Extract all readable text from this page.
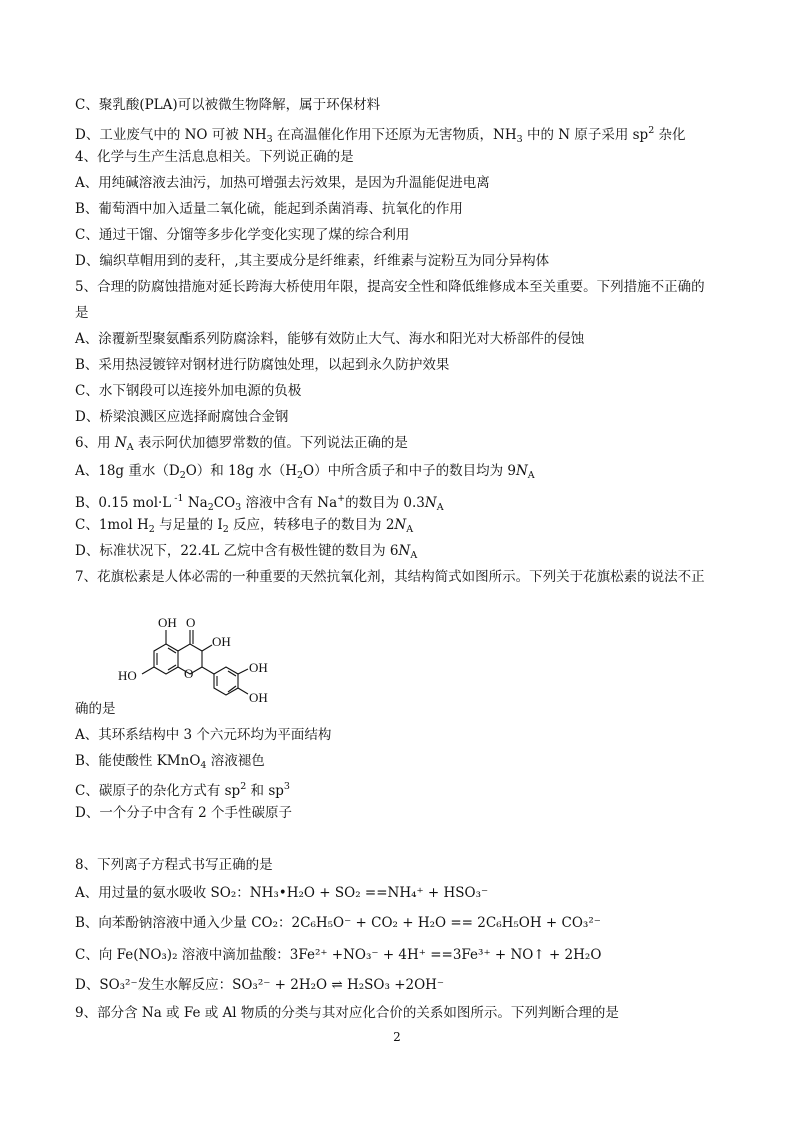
C、聚乳酸(PLA)可以被微生物降解，属于环保材料
D、工业废气中的 NO 可被 $NH_3$ 在高温催化作用下还原为无害物质，$NH_3$ 中的 N 原子采用 $sp^2$ 杂化
4、化学与生产生活息息相关。下列说正确的是
A、用纯碱溶液去油污，加热可增强去污效果，是因为升温能促进电离
B、葡萄酒中加入适量二氧化硫，能起到杀菌消毒、抗氧化的作用
C、通过干馏、分馏等多步化学变化实现了煤的综合利用
D、编织草帽用到的麦秆，,其主要成分是纤维素，纤维素与淀粉互为同分异构体
5、合理的防腐蚀措施对延长跨海大桥使用年限，提高安全性和降低维修成本至关重要。下列措施不正确的
是
A、涂覆新型聚氨酯系列防腐涂料，能够有效防止大气、海水和阳光对大桥部件的侵蚀
B、采用热浸镀锌对钢材进行防腐蚀处理，以起到永久防护效果
C、水下钢段可以连接外加电源的负极
D、桥梁浪溅区应选择耐腐蚀合金钢
6、用 $N_A$ 表示阿伏加德罗常数的值。下列说法正确的是
A、18g 重水$(D_2O)$和 18g 水$(H_2O)$中所含质子和中子的数目均为 $9N_A$
B、0.15 mol·L $^{-1}$ $Na_2CO_3$ 溶液中含有 Na+的数目为 $0.3N_A$
C、1mol $H_2$ 与足量的 $I_2$ 反应，转移电子的数目为 $2N_A$
D、标准状况下，22.4L 乙烷中含有极性键的数目为 $6N_A$
7、花旗松素是人体必需的一种重要的天然抗氧化剂，其结构简式如图所示。下列关于花旗松素的说法不正
OH O
OH
OH
HO
OH
O
确的是
A、其环系结构中 3 个六元环均为平面结构
B、能使酸性 KMnO$_4$ 溶液褪色
C、碳原子的杂化方式有 $sp^2$ 和 $sp^3$
D、一个分子中含有 2 个手性碳原子
8、下列离子方程式书写正确的是
A、用过量的氨水吸收 SO₂：NH₃•H₂O + SO₂ ==NH₄⁺ + HSO₃⁻
B、向苯酚钠溶液中通入少量 CO₂：2C₆H₅O⁻ + CO₂ + H₂O == 2C₆H₅OH + CO₃²⁻
C、向 Fe(NO₃)₂ 溶液中滴加盐酸：3Fe²⁺ +NO₃⁻ + 4H⁺ ==3Fe³⁺ + NO↑ + 2H₂O
D、SO₃²⁻发生水解反应：SO₃²⁻ + 2H₂O ⇌ H₂SO₃ +2OH⁻
9、部分含 Na 或 Fe 或 Al 物质的分类与其对应化合价的关系如图所示。下列判断合理的是
2
